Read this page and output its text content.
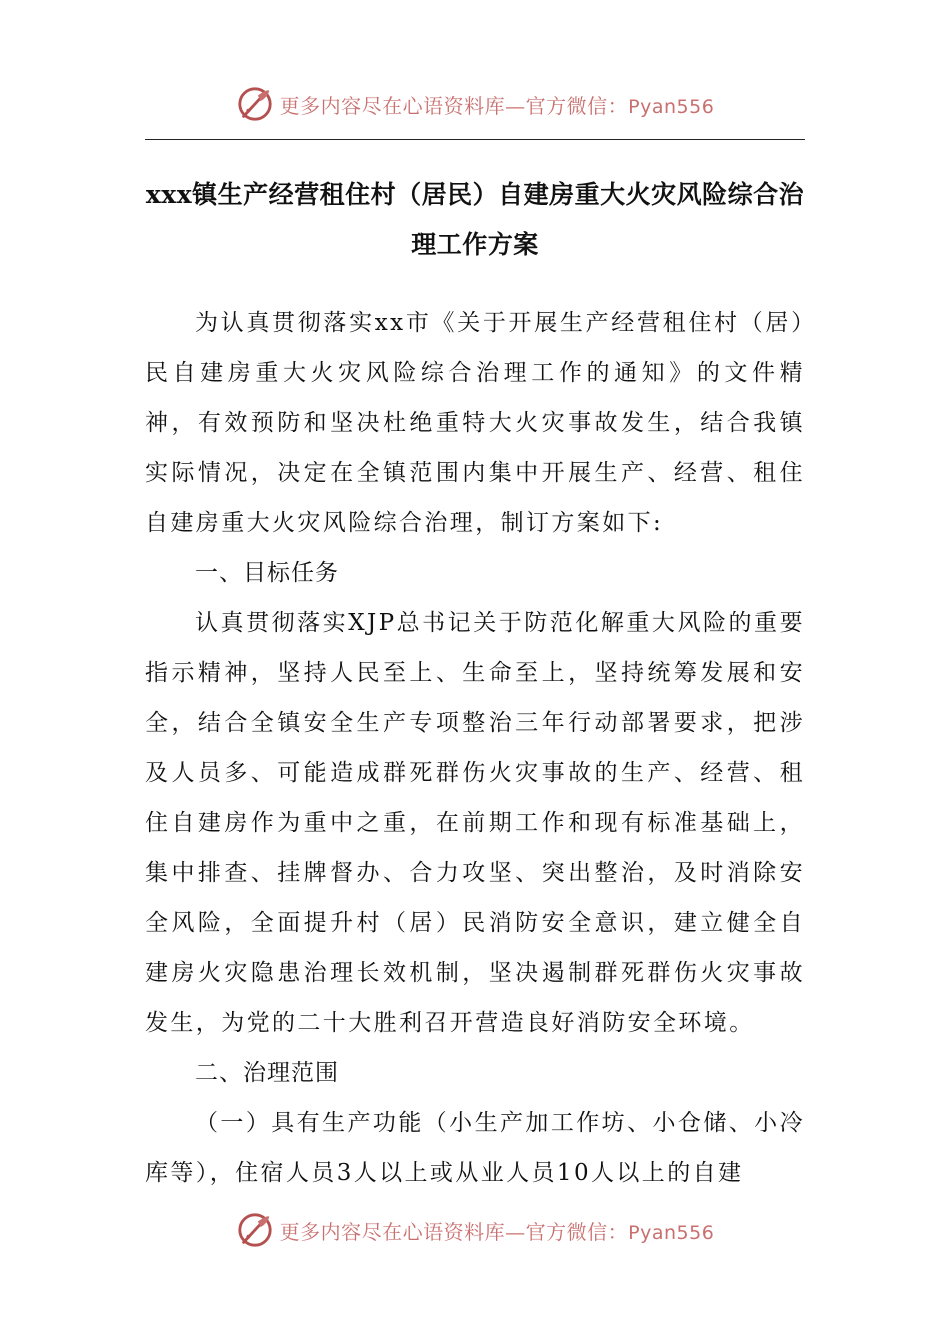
更多内容尽在心语资料库—官方微信：Pyan556
xxx镇生产经营租住村（居民）自建房重大火灾风险综合治理工作方案

为认真贯彻落实xx市《关于开展生产经营租住村（居）民自建房重大火灾风险综合治理工作的通知》的文件精神，有效预防和坚决杜绝重特大火灾事故发生，结合我镇实际情况，决定在全镇范围内集中开展生产、经营、租住自建房重大火灾风险综合治理，制订方案如下:

一、目标任务

认真贯彻落实XJP总书记关于防范化解重大风险的重要指示精神，坚持人民至上、生命至上，坚持统筹发展和安全，结合全镇安全生产专项整治三年行动部署要求，把涉及人员多、可能造成群死群伤火灾事故的生产、经营、租住自建房作为重中之重，在前期工作和现有标准基础上，集中排查、挂牌督办、合力攻坚、突出整治，及时消除安全风险，全面提升村（居）民消防安全意识，建立健全自建房火灾隐患治理长效机制，坚决遏制群死群伤火灾事故发生，为党的二十大胜利召开营造良好消防安全环境。

二、治理范围

（一）具有生产功能（小生产加工作坊、小仓储、小冷库等），住宿人员3人以上或从业人员10人以上的自建

更多内容尽在心语资料库—官方微信：Pyan556
